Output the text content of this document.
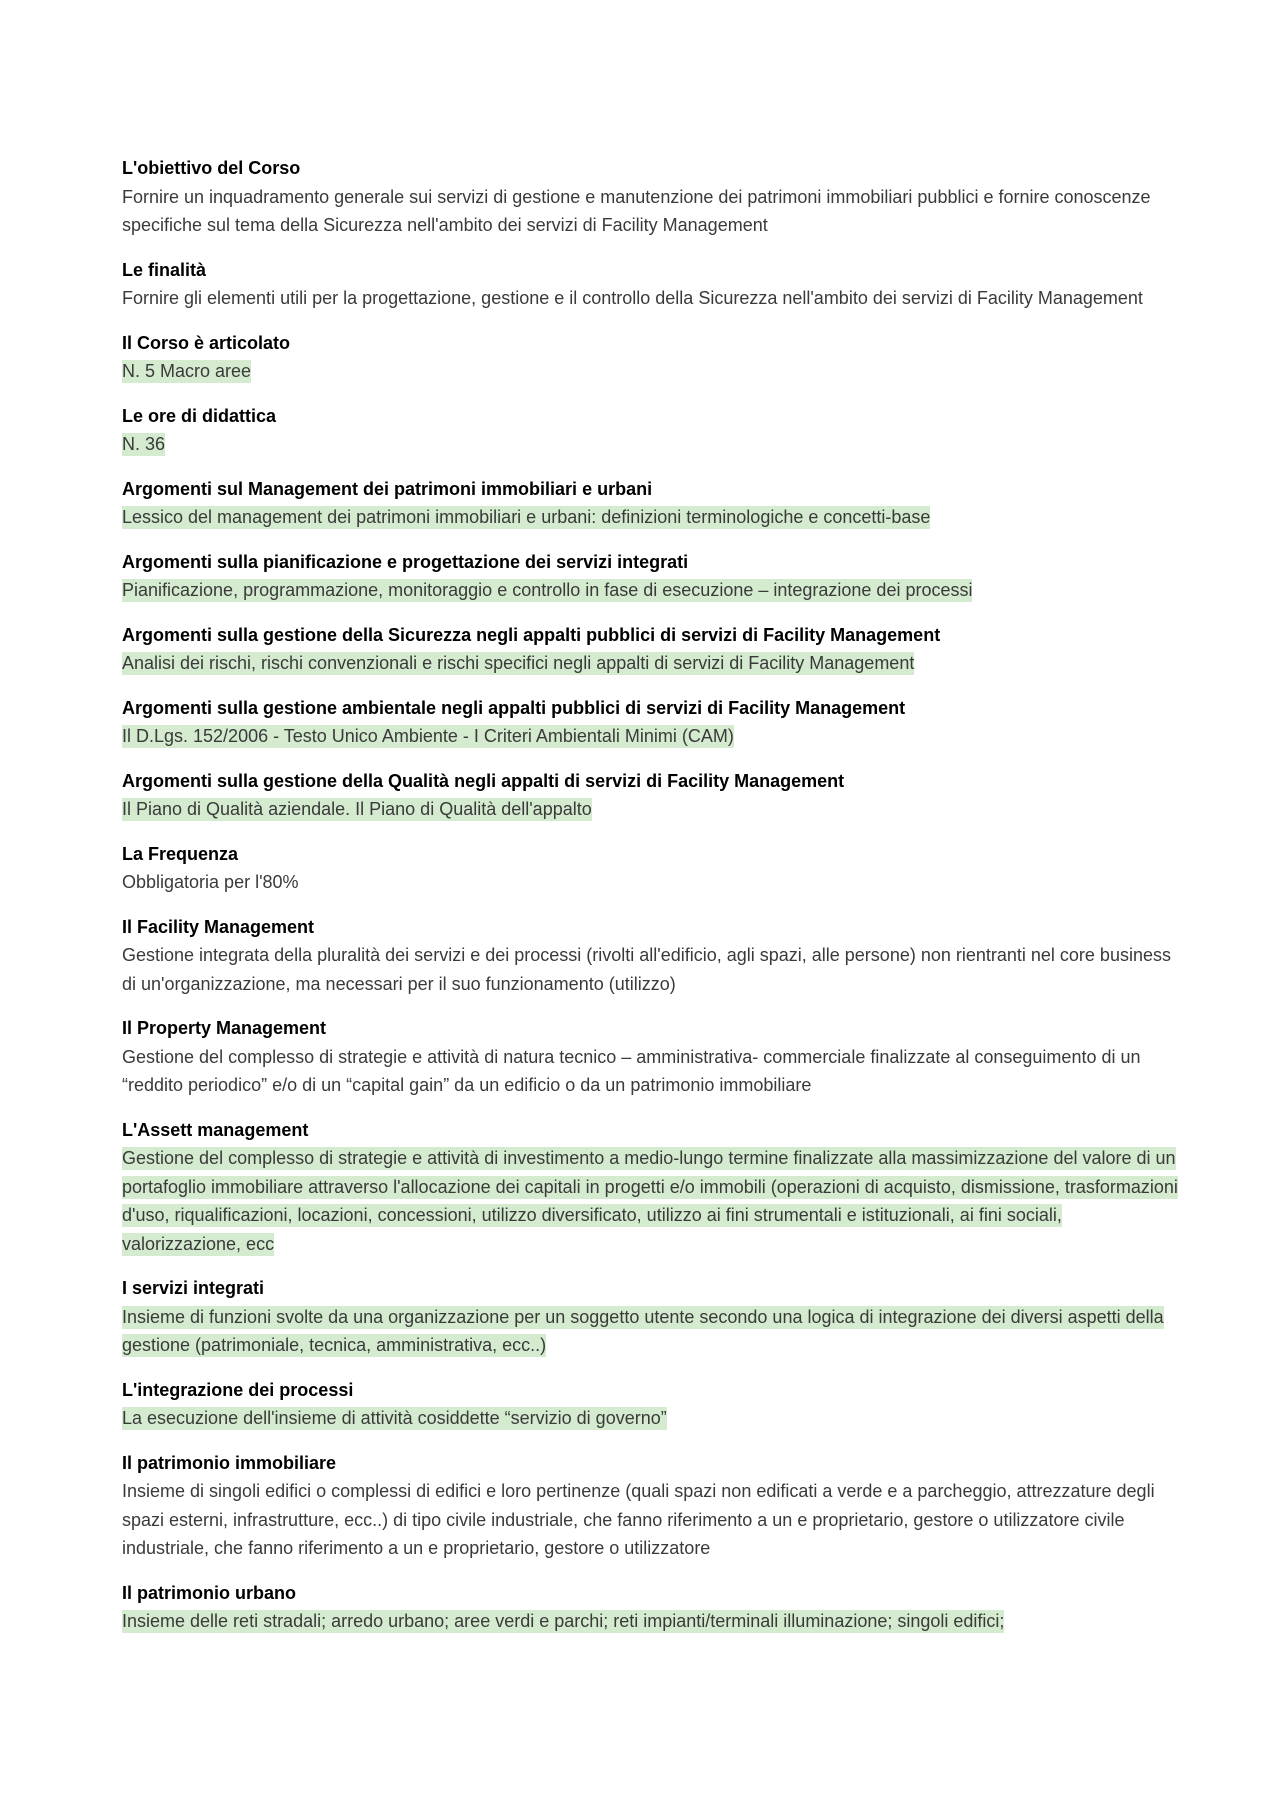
L'obiettivo del Corso

Fornire un inquadramento generale sui servizi di gestione e manutenzione dei patrimoni immobiliari pubblici e fornire conoscenze specifiche sul tema della Sicurezza nell'ambito dei servizi di Facility Management

Le finalità

Fornire gli elementi utili per la progettazione, gestione e il controllo della Sicurezza nell'ambito dei servizi di Facility Management

Il Corso è articolato

N. 5 Macro aree

Le ore di didattica

N. 36

Argomenti sul Management dei patrimoni immobiliari e urbani

Lessico del management dei patrimoni immobiliari e urbani: definizioni terminologiche e concetti-base

Argomenti sulla pianificazione e progettazione dei servizi integrati

Pianificazione, programmazione, monitoraggio e controllo in fase di esecuzione – integrazione dei processi

Argomenti sulla gestione della Sicurezza negli appalti pubblici di servizi di Facility Management

Analisi dei rischi, rischi convenzionali e rischi specifici negli appalti di servizi di Facility Management

Argomenti sulla gestione ambientale negli appalti pubblici di servizi di Facility Management

Il D.Lgs. 152/2006 - Testo Unico Ambiente - I Criteri Ambientali Minimi (CAM)

Argomenti sulla gestione della Qualità negli appalti di servizi di Facility Management

Il Piano di Qualità aziendale. Il Piano di Qualità dell'appalto

La Frequenza

Obbligatoria per l'80%

Il Facility Management

Gestione integrata della pluralità dei servizi e dei processi (rivolti all'edificio, agli spazi, alle persone) non rientranti nel core business di un'organizzazione, ma necessari per il suo funzionamento (utilizzo)

Il Property Management

Gestione del complesso di strategie e attività di natura tecnico – amministrativa- commerciale finalizzate al conseguimento di un “reddito periodico” e/o di un “capital gain” da un edificio o da un patrimonio immobiliare

L'Assett management

Gestione del complesso di strategie e attività di investimento a medio-lungo termine finalizzate alla massimizzazione del valore di un portafoglio immobiliare attraverso l'allocazione dei capitali in progetti e/o immobili (operazioni di acquisto, dismissione, trasformazioni d'uso, riqualificazioni, locazioni, concessioni, utilizzo diversificato, utilizzo ai fini strumentali e istituzionali, ai fini sociali, valorizzazione, ecc

I servizi integrati

Insieme di funzioni svolte da una organizzazione per un soggetto utente secondo una logica di integrazione dei diversi aspetti della gestione (patrimoniale, tecnica, amministrativa, ecc..)

L'integrazione dei processi

La esecuzione dell'insieme di attività cosiddette “servizio di governo”

Il patrimonio immobiliare

Insieme di singoli edifici o complessi di edifici e loro pertinenze (quali spazi non edificati a verde e a parcheggio, attrezzature degli spazi esterni, infrastrutture, ecc..) di tipo civile industriale, che fanno riferimento a un e proprietario, gestore o utilizzatore civile industriale, che fanno riferimento a un e proprietario, gestore o utilizzatore

Il patrimonio urbano

Insieme delle reti stradali; arredo urbano; aree verdi e parchi; reti impianti/terminali illuminazione; singoli edifici;
